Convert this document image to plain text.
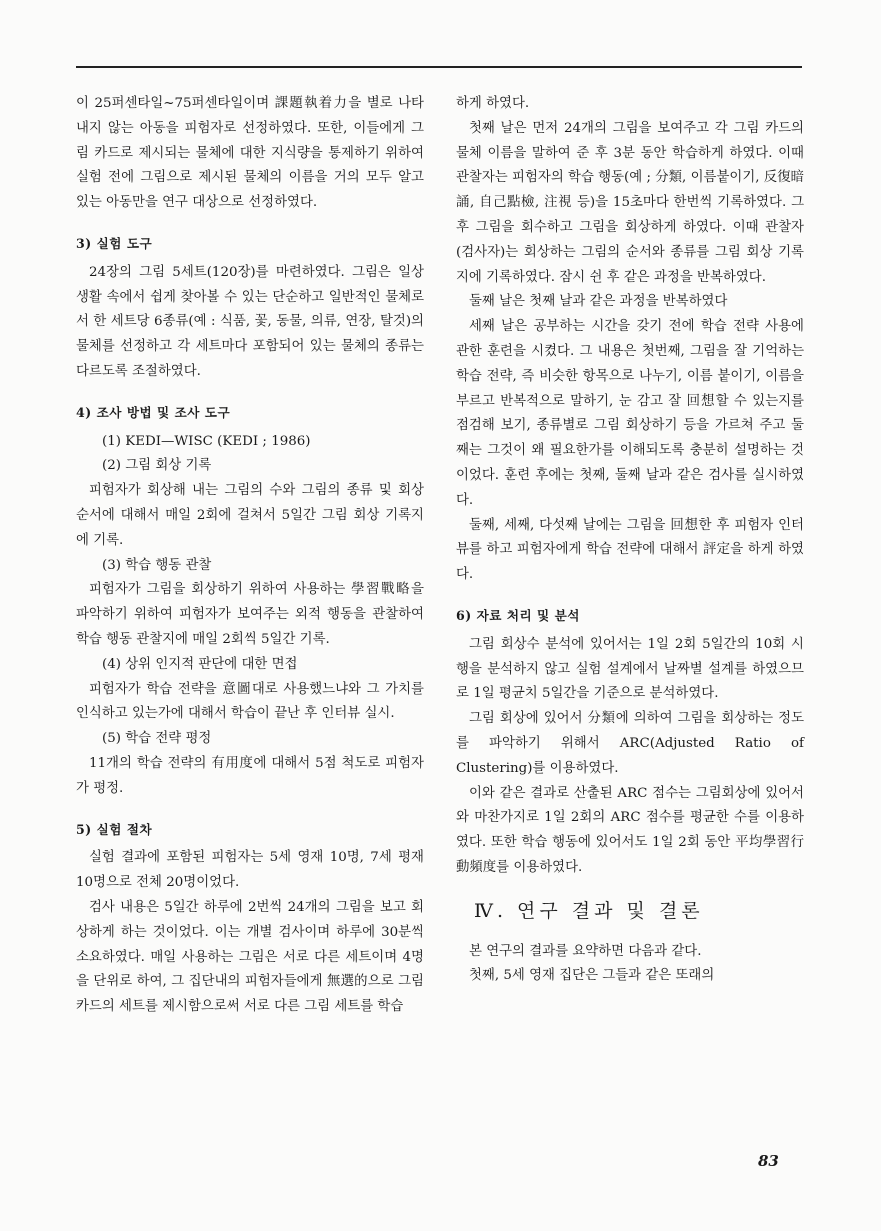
이 25퍼센타일~75퍼센타일이며 課題執着力을 별로 나타내지 않는 아동을 피험자로 선정하였다. 또한, 이들에게 그림 카드로 제시되는 물체에 대한 지식량을 통제하기 위하여 실험 전에 그림으로 제시된 물체의 이름을 거의 모두 알고 있는 아동만을 연구 대상으로 선정하였다.

3) 실험 도구

24장의 그림 5세트(120장)를 마련하였다. 그림은 일상 생활 속에서 쉽게 찾아볼 수 있는 단순하고 일반적인 물체로서 한 세트당 6종류(예 : 식품, 꽃, 동물, 의류, 연장, 탈것)의 물체를 선정하고 각 세트마다 포함되어 있는 물체의 종류는 다르도록 조절하였다.

4) 조사 방법 및 조사 도구

(1) KEDI—WISC (KEDI ; 1986)

(2) 그림 회상 기록

피험자가 회상해 내는 그림의 수와 그림의 종류 및 회상 순서에 대해서 매일 2회에 걸쳐서 5일간 그림 회상 기록지에 기록.

(3) 학습 행동 관찰

피험자가 그림을 회상하기 위하여 사용하는 學習戰略을 파악하기 위하여 피험자가 보여주는 외적 행동을 관찰하여 학습 행동 관찰지에 매일 2회씩 5일간 기록.

(4) 상위 인지적 판단에 대한 면접

피험자가 학습 전략을 意圖대로 사용했느냐와 그 가치를 인식하고 있는가에 대해서 학습이 끝난 후 인터뷰 실시.

(5) 학습 전략 평정

11개의 학습 전략의 有用度에 대해서 5점 척도로 피험자가 평정.

5) 실험 절차

실험 결과에 포함된 피험자는 5세 영재 10명, 7세 평재 10명으로 전체 20명이었다.

검사 내용은 5일간 하루에 2번씩 24개의 그림을 보고 회상하게 하는 것이었다. 이는 개별 검사이며 하루에 30분씩 소요하였다. 매일 사용하는 그림은 서로 다른 세트이며 4명을 단위로 하여, 그 집단내의 피험자들에게 無選的으로 그림카드의 세트를 제시함으로써 서로 다른 그림 세트를 학습

하게 하였다.

첫째 날은 먼저 24개의 그림을 보여주고 각 그림 카드의 물체 이름을 말하여 준 후 3분 동안 학습하게 하였다. 이때 관찰자는 피험자의 학습 행동(예 ; 分類, 이름붙이기, 反復暗誦, 自己點檢, 注視 등)을 15초마다 한번씩 기록하였다. 그 후 그림을 회수하고 그림을 회상하게 하였다. 이때 관찰자(검사자)는 회상하는 그림의 순서와 종류를 그림 회상 기록지에 기록하였다. 잠시 쉰 후 같은 과정을 반복하였다.

둘째 날은 첫째 날과 같은 과정을 반복하였다

세째 날은 공부하는 시간을 갖기 전에 학습 전략 사용에 관한 훈련을 시켰다. 그 내용은 첫번째, 그림을 잘 기억하는 학습 전략, 즉 비슷한 항목으로 나누기, 이름 붙이기, 이름을 부르고 반복적으로 말하기, 눈 감고 잘 回想할 수 있는지를 점검해 보기, 종류별로 그림 회상하기 등을 가르쳐 주고 둘째는 그것이 왜 필요한가를 이해되도록 충분히 설명하는 것이었다. 훈련 후에는 첫째, 둘째 날과 같은 검사를 실시하였다.

둘째, 세째, 다섯째 날에는 그림을 回想한 후 피험자 인터뷰를 하고 피험자에게 학습 전략에 대해서 評定을 하게 하였다.

6) 자료 처리 및 분석

그림 회상수 분석에 있어서는 1일 2회 5일간의 10회 시행을 분석하지 않고 실험 설계에서 날짜별 설계를 하였으므로 1일 평균치 5일간을 기준으로 분석하였다.

그림 회상에 있어서 分類에 의하여 그림을 회상하는 정도를 파악하기 위해서 ARC(Adjusted Ratio of Clustering)를 이용하였다.

이와 같은 결과로 산출된 ARC 점수는 그림회상에 있어서와 마찬가지로 1일 2회의 ARC 점수를 평균한 수를 이용하였다. 또한 학습 행동에 있어서도 1일 2회 동안 平均學習行動頻度를 이용하였다.

Ⅳ. 연구 결과 및 결론

본 연구의 결과를 요약하면 다음과 같다.

첫째, 5세 영재 집단은 그들과 같은 또래의

83
